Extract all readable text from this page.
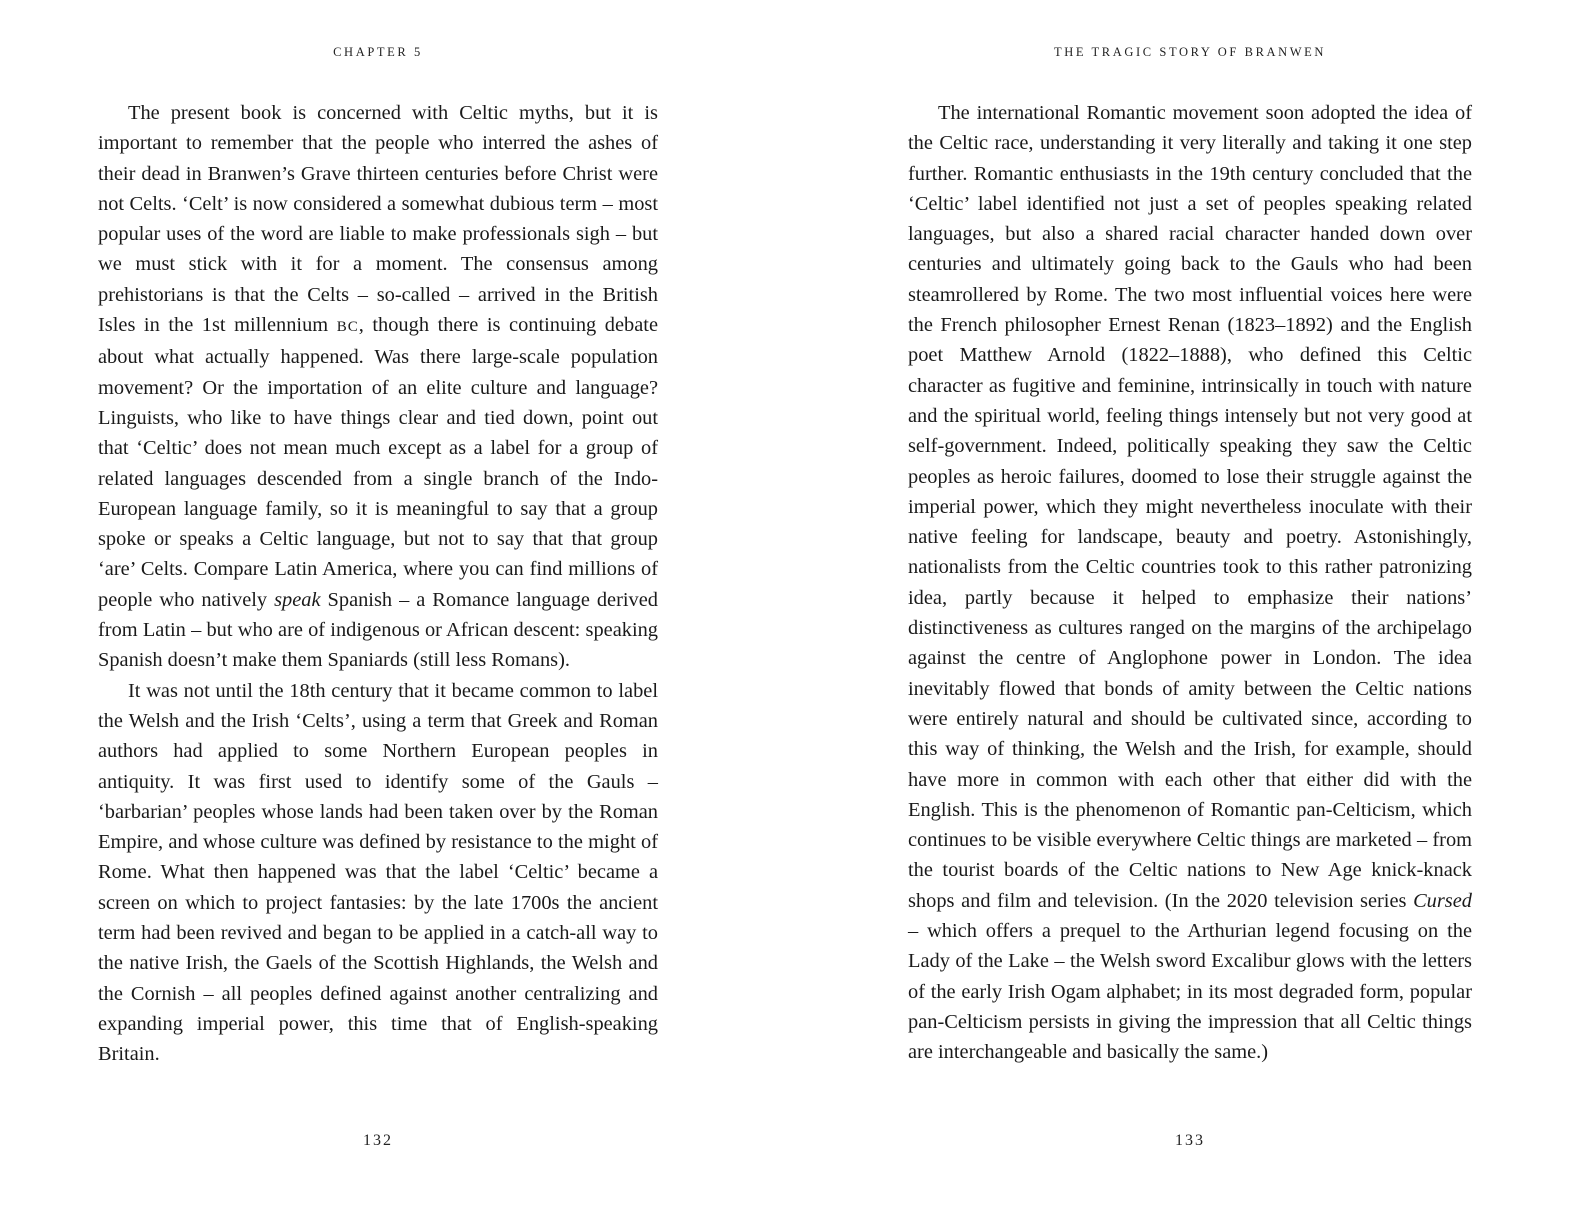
CHAPTER 5

The present book is concerned with Celtic myths, but it is important to remember that the people who interred the ashes of their dead in Branwen’s Grave thirteen centuries before Christ were not Celts. ‘Celt’ is now considered a somewhat dubious term – most popular uses of the word are liable to make professionals sigh – but we must stick with it for a moment. The consensus among prehistorians is that the Celts – so-called – arrived in the British Isles in the 1st millennium BC, though there is continuing debate about what actually happened. Was there large-scale population movement? Or the importation of an elite culture and language? Linguists, who like to have things clear and tied down, point out that ‘Celtic’ does not mean much except as a label for a group of related languages descended from a single branch of the Indo-European language family, so it is meaningful to say that a group spoke or speaks a Celtic language, but not to say that that group ‘are’ Celts. Compare Latin America, where you can find millions of people who natively speak Spanish – a Romance language derived from Latin – but who are of indigenous or African descent: speaking Spanish doesn’t make them Spaniards (still less Romans).

It was not until the 18th century that it became common to label the Welsh and the Irish ‘Celts’, using a term that Greek and Roman authors had applied to some Northern European peoples in antiquity. It was first used to identify some of the Gauls – ‘barbarian’ peoples whose lands had been taken over by the Roman Empire, and whose culture was defined by resistance to the might of Rome. What then happened was that the label ‘Celtic’ became a screen on which to project fantasies: by the late 1700s the ancient term had been revived and began to be applied in a catch-all way to the native Irish, the Gaels of the Scottish Highlands, the Welsh and the Cornish – all peoples defined against another centralizing and expanding imperial power, this time that of English-speaking Britain.

132
THE TRAGIC STORY OF BRANWEN

The international Romantic movement soon adopted the idea of the Celtic race, understanding it very literally and taking it one step further. Romantic enthusiasts in the 19th century concluded that the ‘Celtic’ label identified not just a set of peoples speaking related languages, but also a shared racial character handed down over centuries and ultimately going back to the Gauls who had been steamrollered by Rome. The two most influential voices here were the French philosopher Ernest Renan (1823–1892) and the English poet Matthew Arnold (1822–1888), who defined this Celtic character as fugitive and feminine, intrinsically in touch with nature and the spiritual world, feeling things intensely but not very good at self-government. Indeed, politically speaking they saw the Celtic peoples as heroic failures, doomed to lose their struggle against the imperial power, which they might nevertheless inoculate with their native feeling for landscape, beauty and poetry. Astonishingly, nationalists from the Celtic countries took to this rather patronizing idea, partly because it helped to emphasize their nations’ distinctiveness as cultures ranged on the margins of the archipelago against the centre of Anglophone power in London. The idea inevitably flowed that bonds of amity between the Celtic nations were entirely natural and should be cultivated since, according to this way of thinking, the Welsh and the Irish, for example, should have more in common with each other that either did with the English. This is the phenomenon of Romantic pan-Celticism, which continues to be visible everywhere Celtic things are marketed – from the tourist boards of the Celtic nations to New Age knick-knack shops and film and television. (In the 2020 television series Cursed – which offers a prequel to the Arthurian legend focusing on the Lady of the Lake – the Welsh sword Excalibur glows with the letters of the early Irish Ogam alphabet; in its most degraded form, popular pan-Celticism persists in giving the impression that all Celtic things are interchangeable and basically the same.)

133
